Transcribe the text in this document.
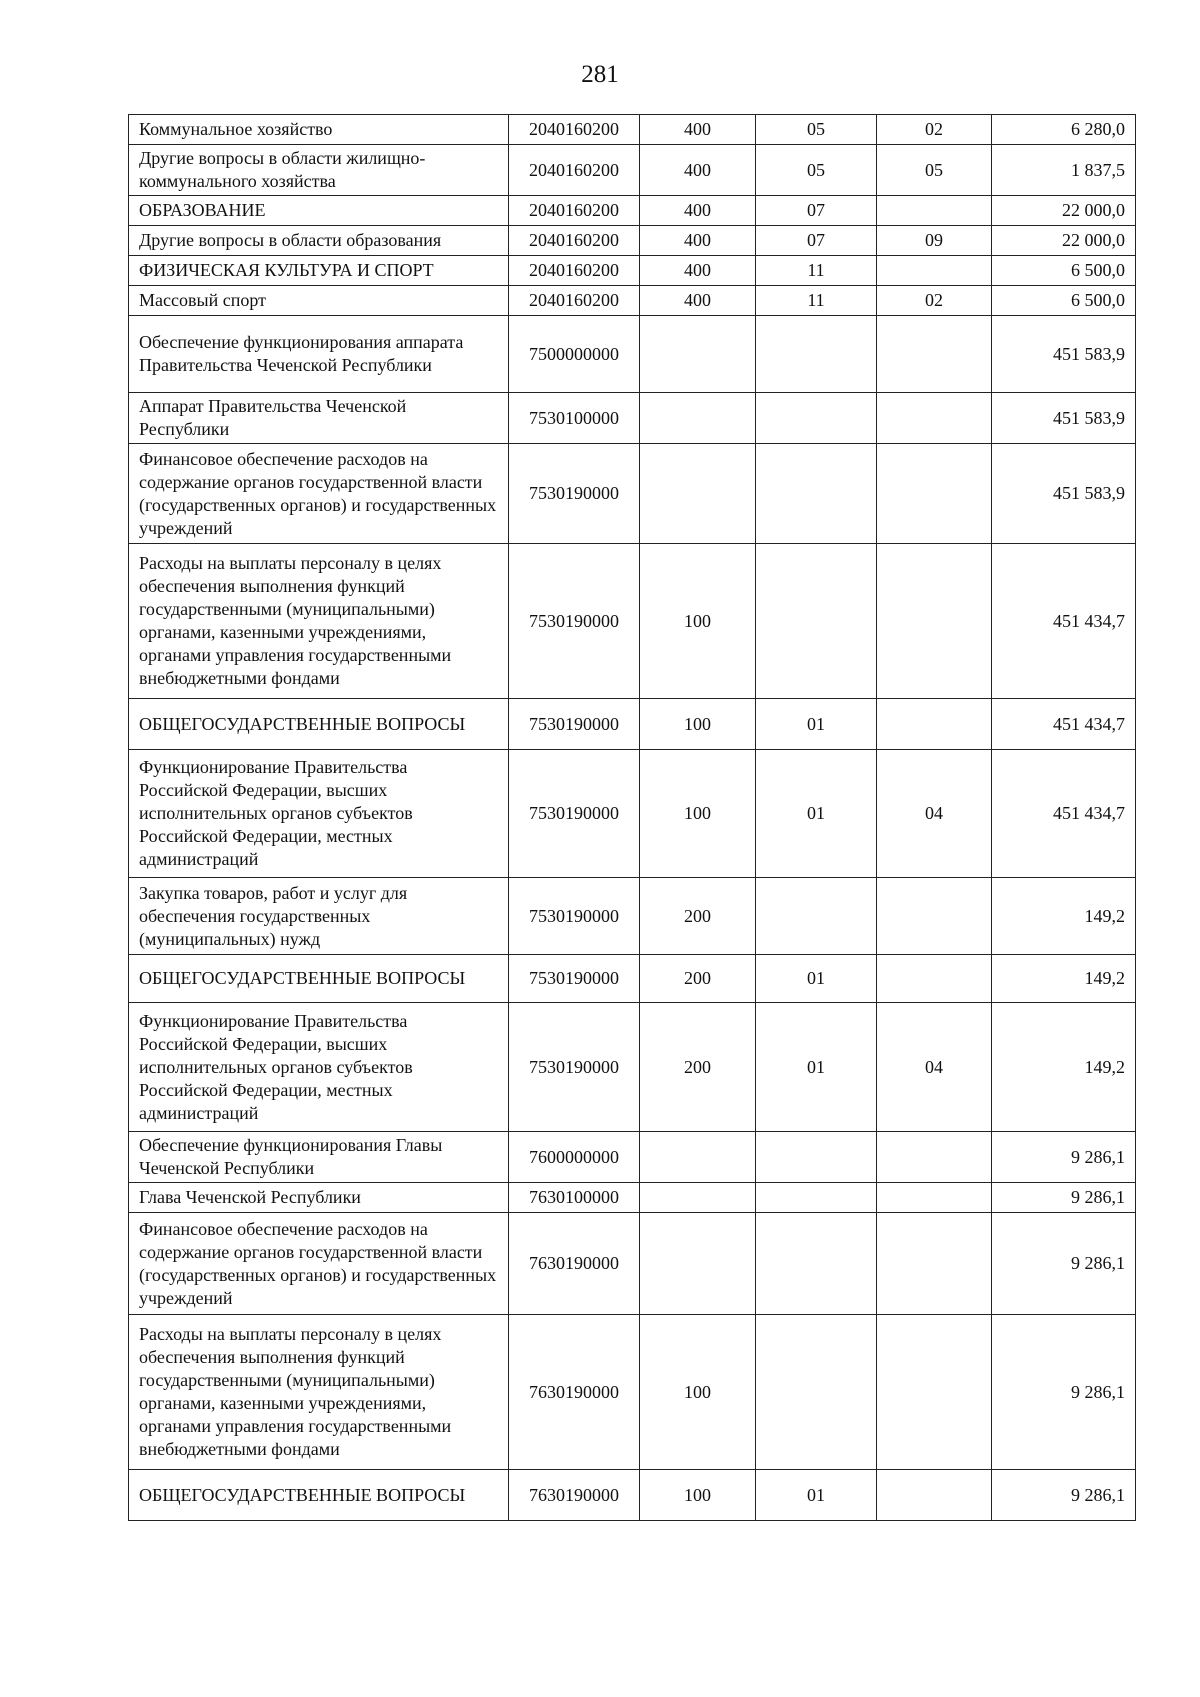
281
Коммунальное хозяйство	2040160200	400	05	02	6 280,0
Другие вопросы в области жилищно-коммунального хозяйства	2040160200	400	05	05	1 837,5
ОБРАЗОВАНИЕ	2040160200	400	07		22 000,0
Другие вопросы в области образования	2040160200	400	07	09	22 000,0
ФИЗИЧЕСКАЯ КУЛЬТУРА И СПОРТ	2040160200	400	11		6 500,0
Массовый спорт	2040160200	400	11	02	6 500,0
Обеспечение функционирования аппарата Правительства Чеченской Республики	7500000000				451 583,9
Аппарат Правительства Чеченской Республики	7530100000				451 583,9
Финансовое обеспечение расходов на содержание органов государственной власти (государственных органов) и государственных учреждений	7530190000				451 583,9
Расходы на выплаты персоналу в целях обеспечения выполнения функций государственными (муниципальными) органами, казенными учреждениями, органами управления государственными внебюджетными фондами	7530190000	100			451 434,7
ОБЩЕГОСУДАРСТВЕННЫЕ ВОПРОСЫ	7530190000	100	01		451 434,7
Функционирование Правительства Российской Федерации, высших исполнительных органов субъектов Российской Федерации, местных администраций	7530190000	100	01	04	451 434,7
Закупка товаров, работ и услуг для обеспечения государственных (муниципальных) нужд	7530190000	200			149,2
ОБЩЕГОСУДАРСТВЕННЫЕ ВОПРОСЫ	7530190000	200	01		149,2
Функционирование Правительства Российской Федерации, высших исполнительных органов субъектов Российской Федерации, местных администраций	7530190000	200	01	04	149,2
Обеспечение функционирования Главы Чеченской Республики	7600000000				9 286,1
Глава Чеченской Республики	7630100000				9 286,1
Финансовое обеспечение расходов на содержание органов государственной власти (государственных органов) и государственных учреждений	7630190000				9 286,1
Расходы на выплаты персоналу в целях обеспечения выполнения функций государственными (муниципальными) органами, казенными учреждениями, органами управления государственными внебюджетными фондами	7630190000	100			9 286,1
ОБЩЕГОСУДАРСТВЕННЫЕ ВОПРОСЫ	7630190000	100	01		9 286,1
